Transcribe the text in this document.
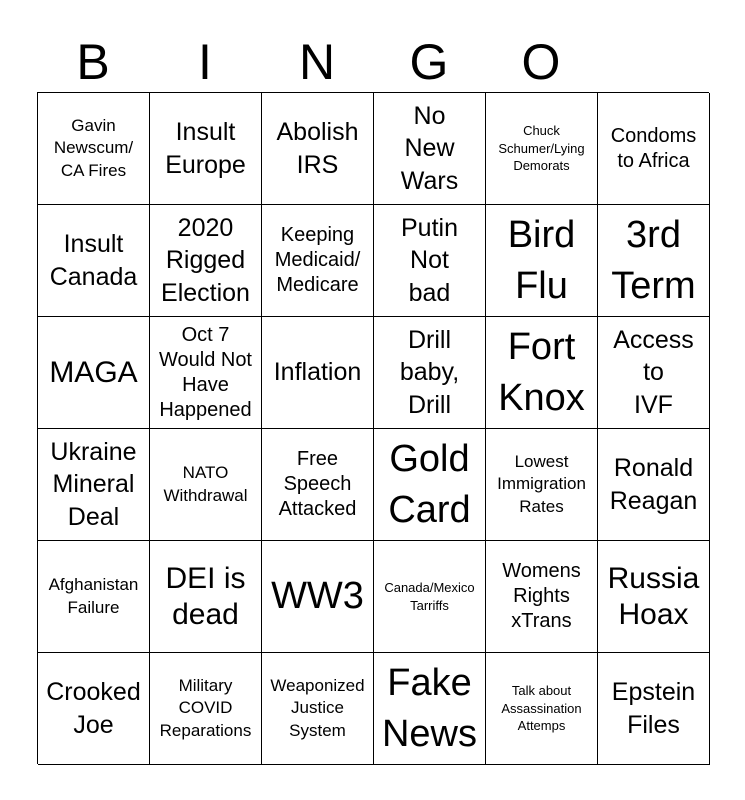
B	I	N	G	O
Gavin
Newscum/
CA Fires
Insult
Europe
Abolish
IRS
No
New
Wars
Chuck
Schumer/Lying
Demorats
Condoms
to Africa
Insult
Canada
2020
Rigged
Election
Keeping
Medicaid/
Medicare
Putin
Not
bad
Bird
Flu
3rd
Term
MAGA
Oct 7
Would Not
Have
Happened
Inflation
Drill
baby,
Drill
Fort
Knox
Access
to
IVF
Ukraine
Mineral
Deal
NATO
Withdrawal
Free
Speech
Attacked
Gold
Card
Lowest
Immigration
Rates
Ronald
Reagan
Afghanistan
Failure
DEI is
dead WW3	Canada/Mexico
Tarriffs
Womens
Rights
xTrans
Russia
Hoax
Crooked
Joe
Military
COVID
Reparations
Weaponized
Justice
System
Fake
News
Talk about
Assassination
Attemps
Epstein
Files
